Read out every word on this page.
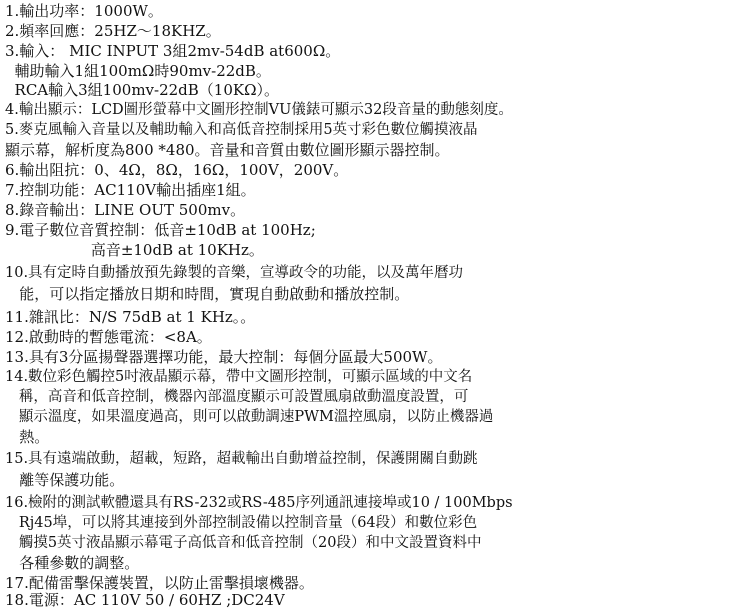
1.輸出功率：1000W。
2.頻率回應：25HZ～18KHZ。
3.輸入： MIC INPUT 3組2mv-54dB at600Ω。
輔助輸入1組100mΩ時90mv-22dB。
RCA輸入3組100mv-22dB（10KΩ）。
4.輸出顯示：LCD圖形螢幕中文圖形控制VU儀錶可顯示32段音量的動態刻度。
5.麥克風輸入音量以及輔助輸入和高低音控制採用5英寸彩色數位觸摸液晶
顯示幕，解析度為800 *480。音量和音質由數位圖形顯示器控制。
6.輸出阻抗：0、4Ω，8Ω，16Ω，100V，200V。
7.控制功能：AC110V輸出插座1組。
8.錄音輸出：LINE OUT 500mv。
9.電子數位音質控制：低音±10dB at 100Hz;
高音±10dB at 10KHz。
10.具有定時自動播放預先錄製的音樂，宣導政令的功能，以及萬年曆功
能，可以指定播放日期和時間，實現自動啟動和播放控制。
11.雜訊比：N/S 75dB at 1 KHz。。
12.啟動時的暫態電流：<8A。
13.具有3分區揚聲器選擇功能，最大控制：每個分區最大500W。
14.數位彩色觸控5吋液晶顯示幕，帶中文圖形控制，可顯示區域的中文名
稱，高音和低音控制，機器內部溫度顯示可設置風扇啟動溫度設置，可
顯示溫度，如果溫度過高，則可以啟動調速PWM溫控風扇，以防止機器過
熱。
15.具有遠端啟動，超載，短路，超載輸出自動增益控制，保護開關自動跳
離等保護功能。
16.檢附的測試軟體還具有RS-232或RS-485序列通訊連接埠或10 / 100Mbps
Rj45埠，可以將其連接到外部控制設備以控制音量（64段）和數位彩色
觸摸5英寸液晶顯示幕電子高低音和低音控制（20段）和中文設置資料中
各種參數的調整。
17.配備雷擊保護裝置，以防止雷擊損壞機器。
18.電源：AC 110V 50 / 60HZ ;DC24V
